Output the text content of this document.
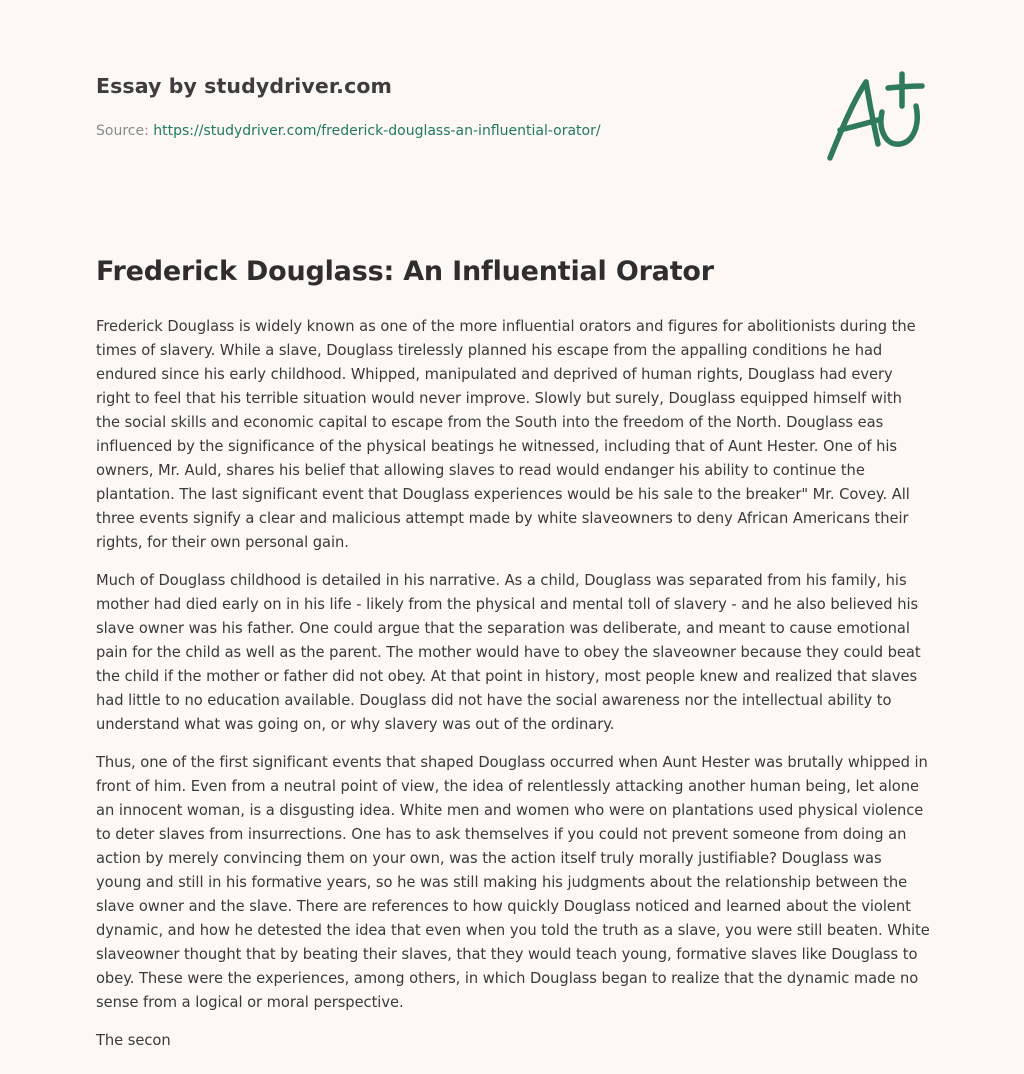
Essay by studydriver.com
Source: https://studydriver.com/frederick-douglass-an-influential-orator/
Frederick Douglass: An Influential Orator

Frederick Douglass is widely known as one of the more influential orators and figures for abolitionists during the times of slavery. While a slave, Douglass tirelessly planned his escape from the appalling conditions he had endured since his early childhood. Whipped, manipulated and deprived of human rights, Douglass had every right to feel that his terrible situation would never improve. Slowly but surely, Douglass equipped himself with the social skills and economic capital to escape from the South into the freedom of the North. Douglass eas influenced by the significance of the physical beatings he witnessed, including that of Aunt Hester. One of his owners, Mr. Auld, shares his belief that allowing slaves to read would endanger his ability to continue the plantation. The last significant event that Douglass experiences would be his sale to the breaker" Mr. Covey. All three events signify a clear and malicious attempt made by white slaveowners to deny African Americans their rights, for their own personal gain.

Much of Douglass childhood is detailed in his narrative. As a child, Douglass was separated from his family, his mother had died early on in his life - likely from the physical and mental toll of slavery - and he also believed his slave owner was his father. One could argue that the separation was deliberate, and meant to cause emotional pain for the child as well as the parent. The mother would have to obey the slaveowner because they could beat the child if the mother or father did not obey. At that point in history, most people knew and realized that slaves had little to no education available. Douglass did not have the social awareness nor the intellectual ability to understand what was going on, or why slavery was out of the ordinary.

Thus, one of the first significant events that shaped Douglass occurred when Aunt Hester was brutally whipped in front of him. Even from a neutral point of view, the idea of relentlessly attacking another human being, let alone an innocent woman, is a disgusting idea. White men and women who were on plantations used physical violence to deter slaves from insurrections. One has to ask themselves if you could not prevent someone from doing an action by merely convincing them on your own, was the action itself truly morally justifiable? Douglass was young and still in his formative years, so he was still making his judgments about the relationship between the slave owner and the slave. There are references to how quickly Douglass noticed and learned about the violent dynamic, and how he detested the idea that even when you told the truth as a slave, you were still beaten. White slaveowner thought that by beating their slaves, that they would teach young, formative slaves like Douglass to obey. These were the experiences, among others, in which Douglass began to realize that the dynamic made no sense from a logical or moral perspective.

The secon
